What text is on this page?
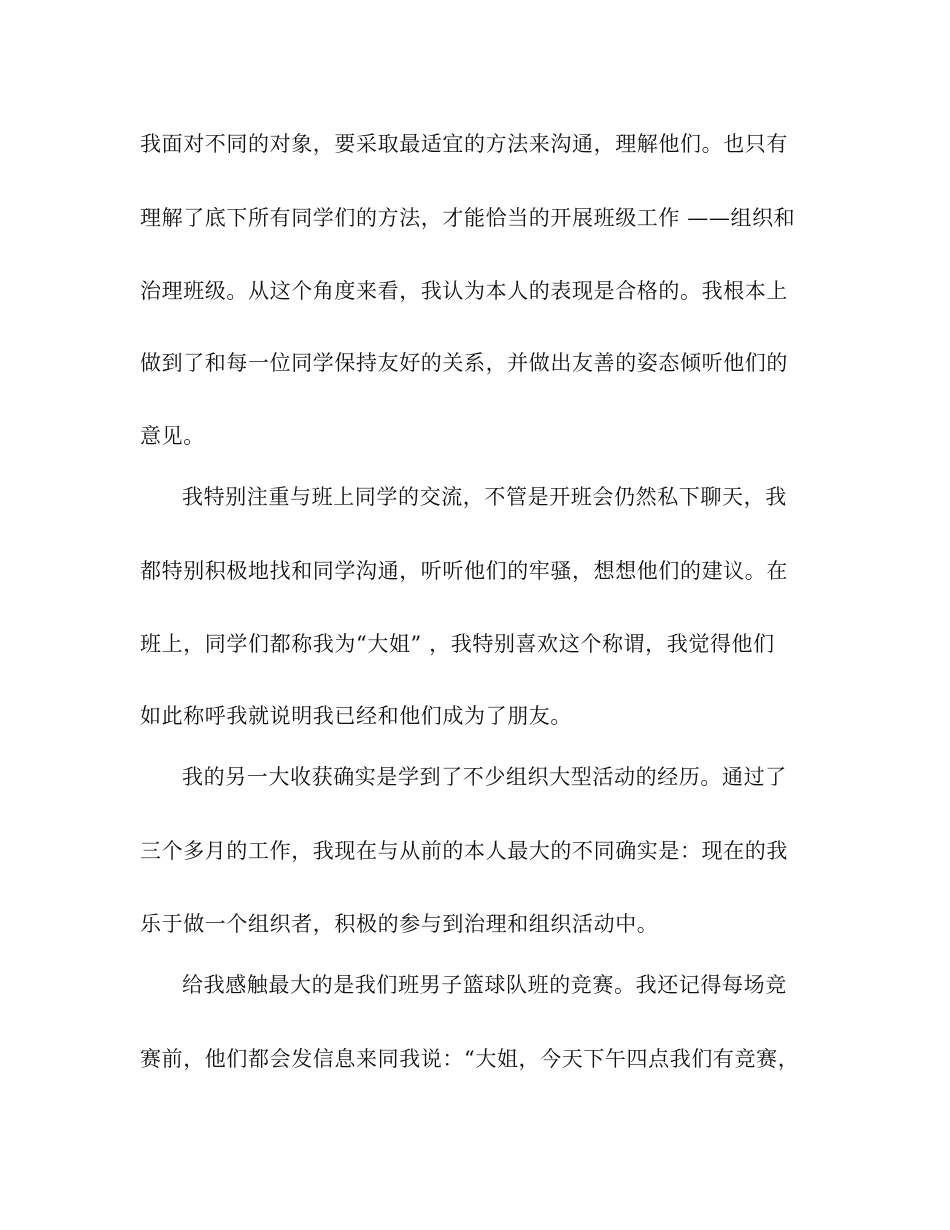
我面对不同的对象，要采取最适宜的方法来沟通，理解他们。也只有
理解了底下所有同学们的方法，才能恰当的开展班级工作 ——组织和
治理班级。从这个角度来看，我认为本人的表现是合格的。我根本上
做到了和每一位同学保持友好的关系，并做出友善的姿态倾听他们的
意见。
我特别注重与班上同学的交流，不管是开班会仍然私下聊天，我
都特别积极地找和同学沟通，听听他们的牢骚，想想他们的建议。在
班上，同学们都称我为“大姐” ，我特别喜欢这个称谓，我觉得他们
如此称呼我就说明我已经和他们成为了朋友。
我的另一大收获确实是学到了不少组织大型活动的经历。通过了
三个多月的工作，我现在与从前的本人最大的不同确实是：现在的我
乐于做一个组织者，积极的参与到治理和组织活动中。
给我感触最大的是我们班男子篮球队班的竞赛。我还记得每场竞
赛前，他们都会发信息来同我说：“大姐，今天下午四点我们有竞赛，
